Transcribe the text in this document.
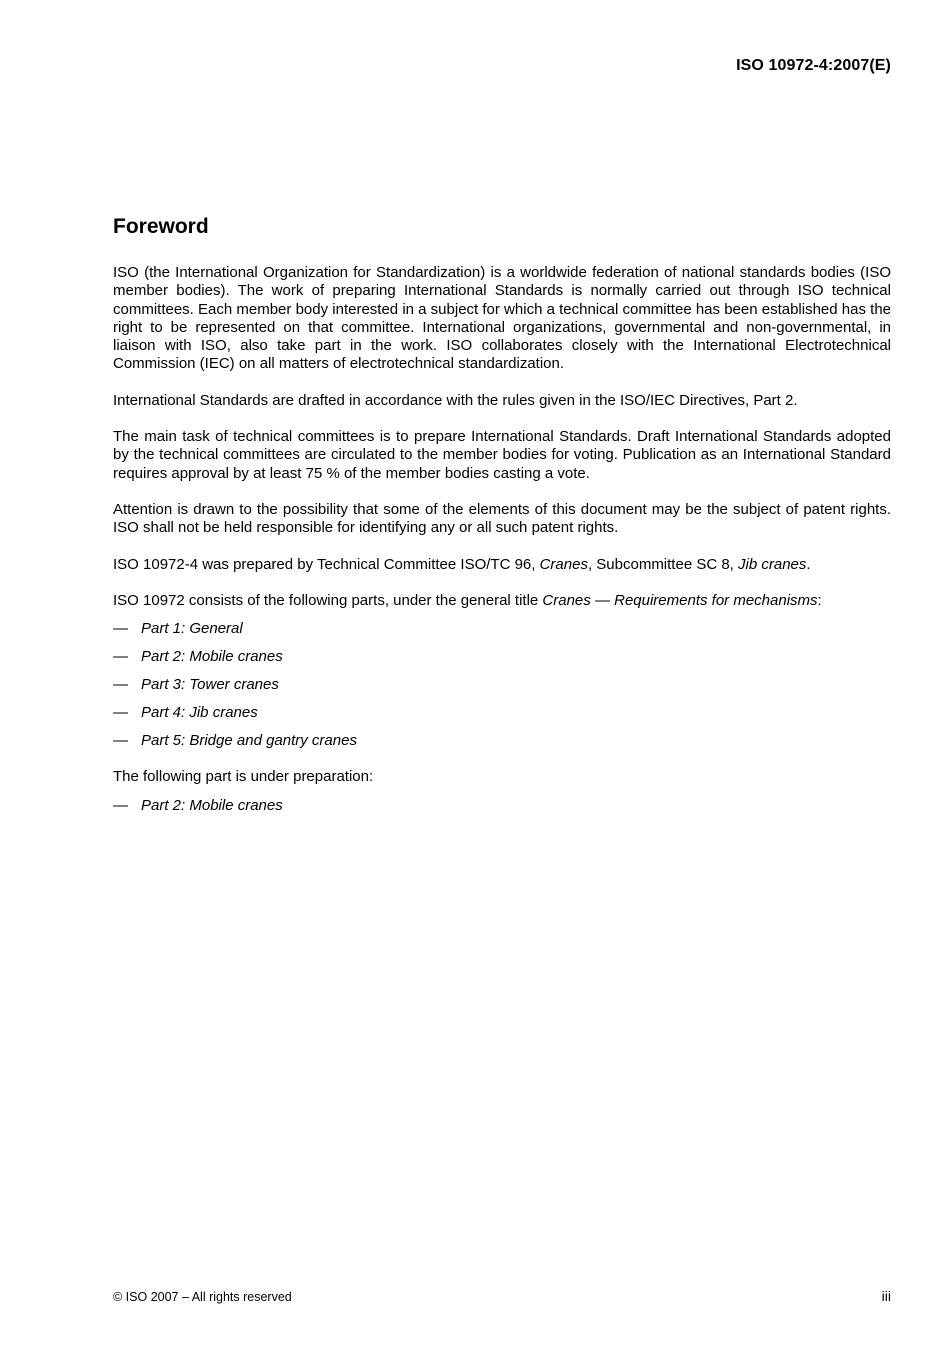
ISO 10972-4:2007(E)
Foreword

ISO (the International Organization for Standardization) is a worldwide federation of national standards bodies (ISO member bodies). The work of preparing International Standards is normally carried out through ISO technical committees. Each member body interested in a subject for which a technical committee has been established has the right to be represented on that committee. International organizations, governmental and non-governmental, in liaison with ISO, also take part in the work. ISO collaborates closely with the International Electrotechnical Commission (IEC) on all matters of electrotechnical standardization.

International Standards are drafted in accordance with the rules given in the ISO/IEC Directives, Part 2.

The main task of technical committees is to prepare International Standards. Draft International Standards adopted by the technical committees are circulated to the member bodies for voting. Publication as an International Standard requires approval by at least 75 % of the member bodies casting a vote.

Attention is drawn to the possibility that some of the elements of this document may be the subject of patent rights. ISO shall not be held responsible for identifying any or all such patent rights.

ISO 10972-4 was prepared by Technical Committee ISO/TC 96, Cranes, Subcommittee SC 8, Jib cranes.

ISO 10972 consists of the following parts, under the general title Cranes — Requirements for mechanisms:

— Part 1: General
— Part 2: Mobile cranes
— Part 3: Tower cranes
— Part 4: Jib cranes
— Part 5: Bridge and gantry cranes

The following part is under preparation:

— Part 2: Mobile cranes
© ISO 2007 – All rights reserved	iii
